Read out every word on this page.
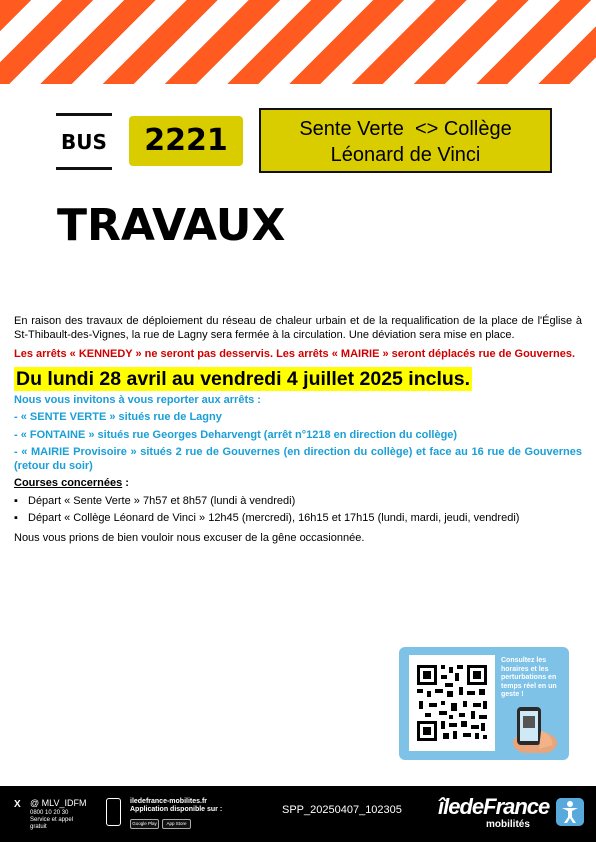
BUS	2221	Sente Verte  <> Collège
Léonard de Vinci
TRAVAUX

En raison des travaux de déploiement du réseau de chaleur urbain et de la requalification de la place de l'Église à St-Thibault-des-Vignes, la rue de Lagny sera fermée à la circulation. Une déviation sera mise en place.

Les arrêts « KENNEDY » ne seront pas desservis. Les arrêts « MAIRIE » seront déplacés rue de Gouvernes.

Du lundi 28 avril au vendredi 4 juillet 2025 inclus.

Nous vous invitons à vous reporter aux arrêts :

- « SENTE VERTE » situés rue de Lagny

- « FONTAINE » situés rue Georges Deharvengt (arrêt n°1218 en direction du collège)

- « MAIRIE Provisoire » situés 2 rue de Gouvernes (en direction du collège) et face au 16 rue de Gouvernes (retour du soir)

Courses concernées :

▪ Départ « Sente Verte » 7h57 et 8h57 (lundi à vendredi)

▪ Départ « Collège Léonard de Vinci » 12h45 (mercredi), 16h15 et 17h15 (lundi, mardi, jeudi, vendredi)

Nous vous prions de bien vouloir nous excuser de la gêne occasionnée.

Consultez les horaires et les perturbations en temps réel en un geste !
X @ MLV_IDFM
0800 10 20 30
Service et appel gratuit
iledefrance-mobilites.fr
Application disponible sur :
Google Play	App Store
SPP_20250407_102305 îledeFrance
mobilités
